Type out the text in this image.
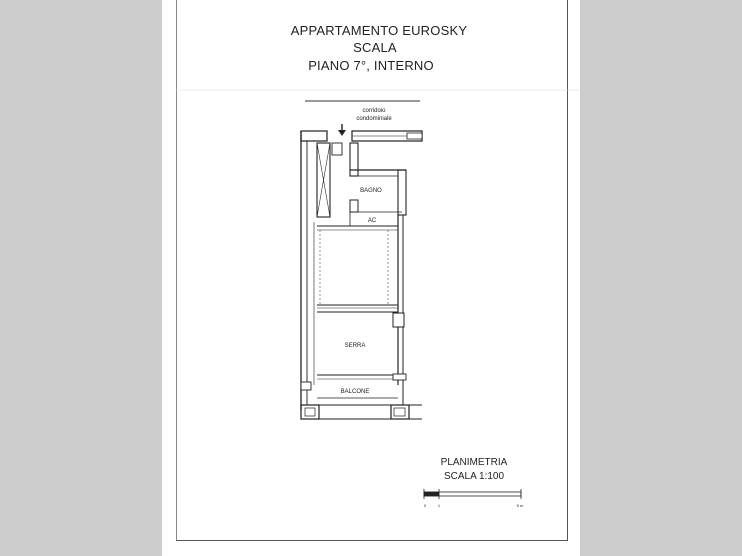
APPARTAMENTO EUROSKY
SCALA
PIANO 7°, INTERNO
corridoio
condominiale
BAGNO
AC
SERRA
BALCONE
0	1	5 m
PLANIMETRIA
SCALA 1:100
